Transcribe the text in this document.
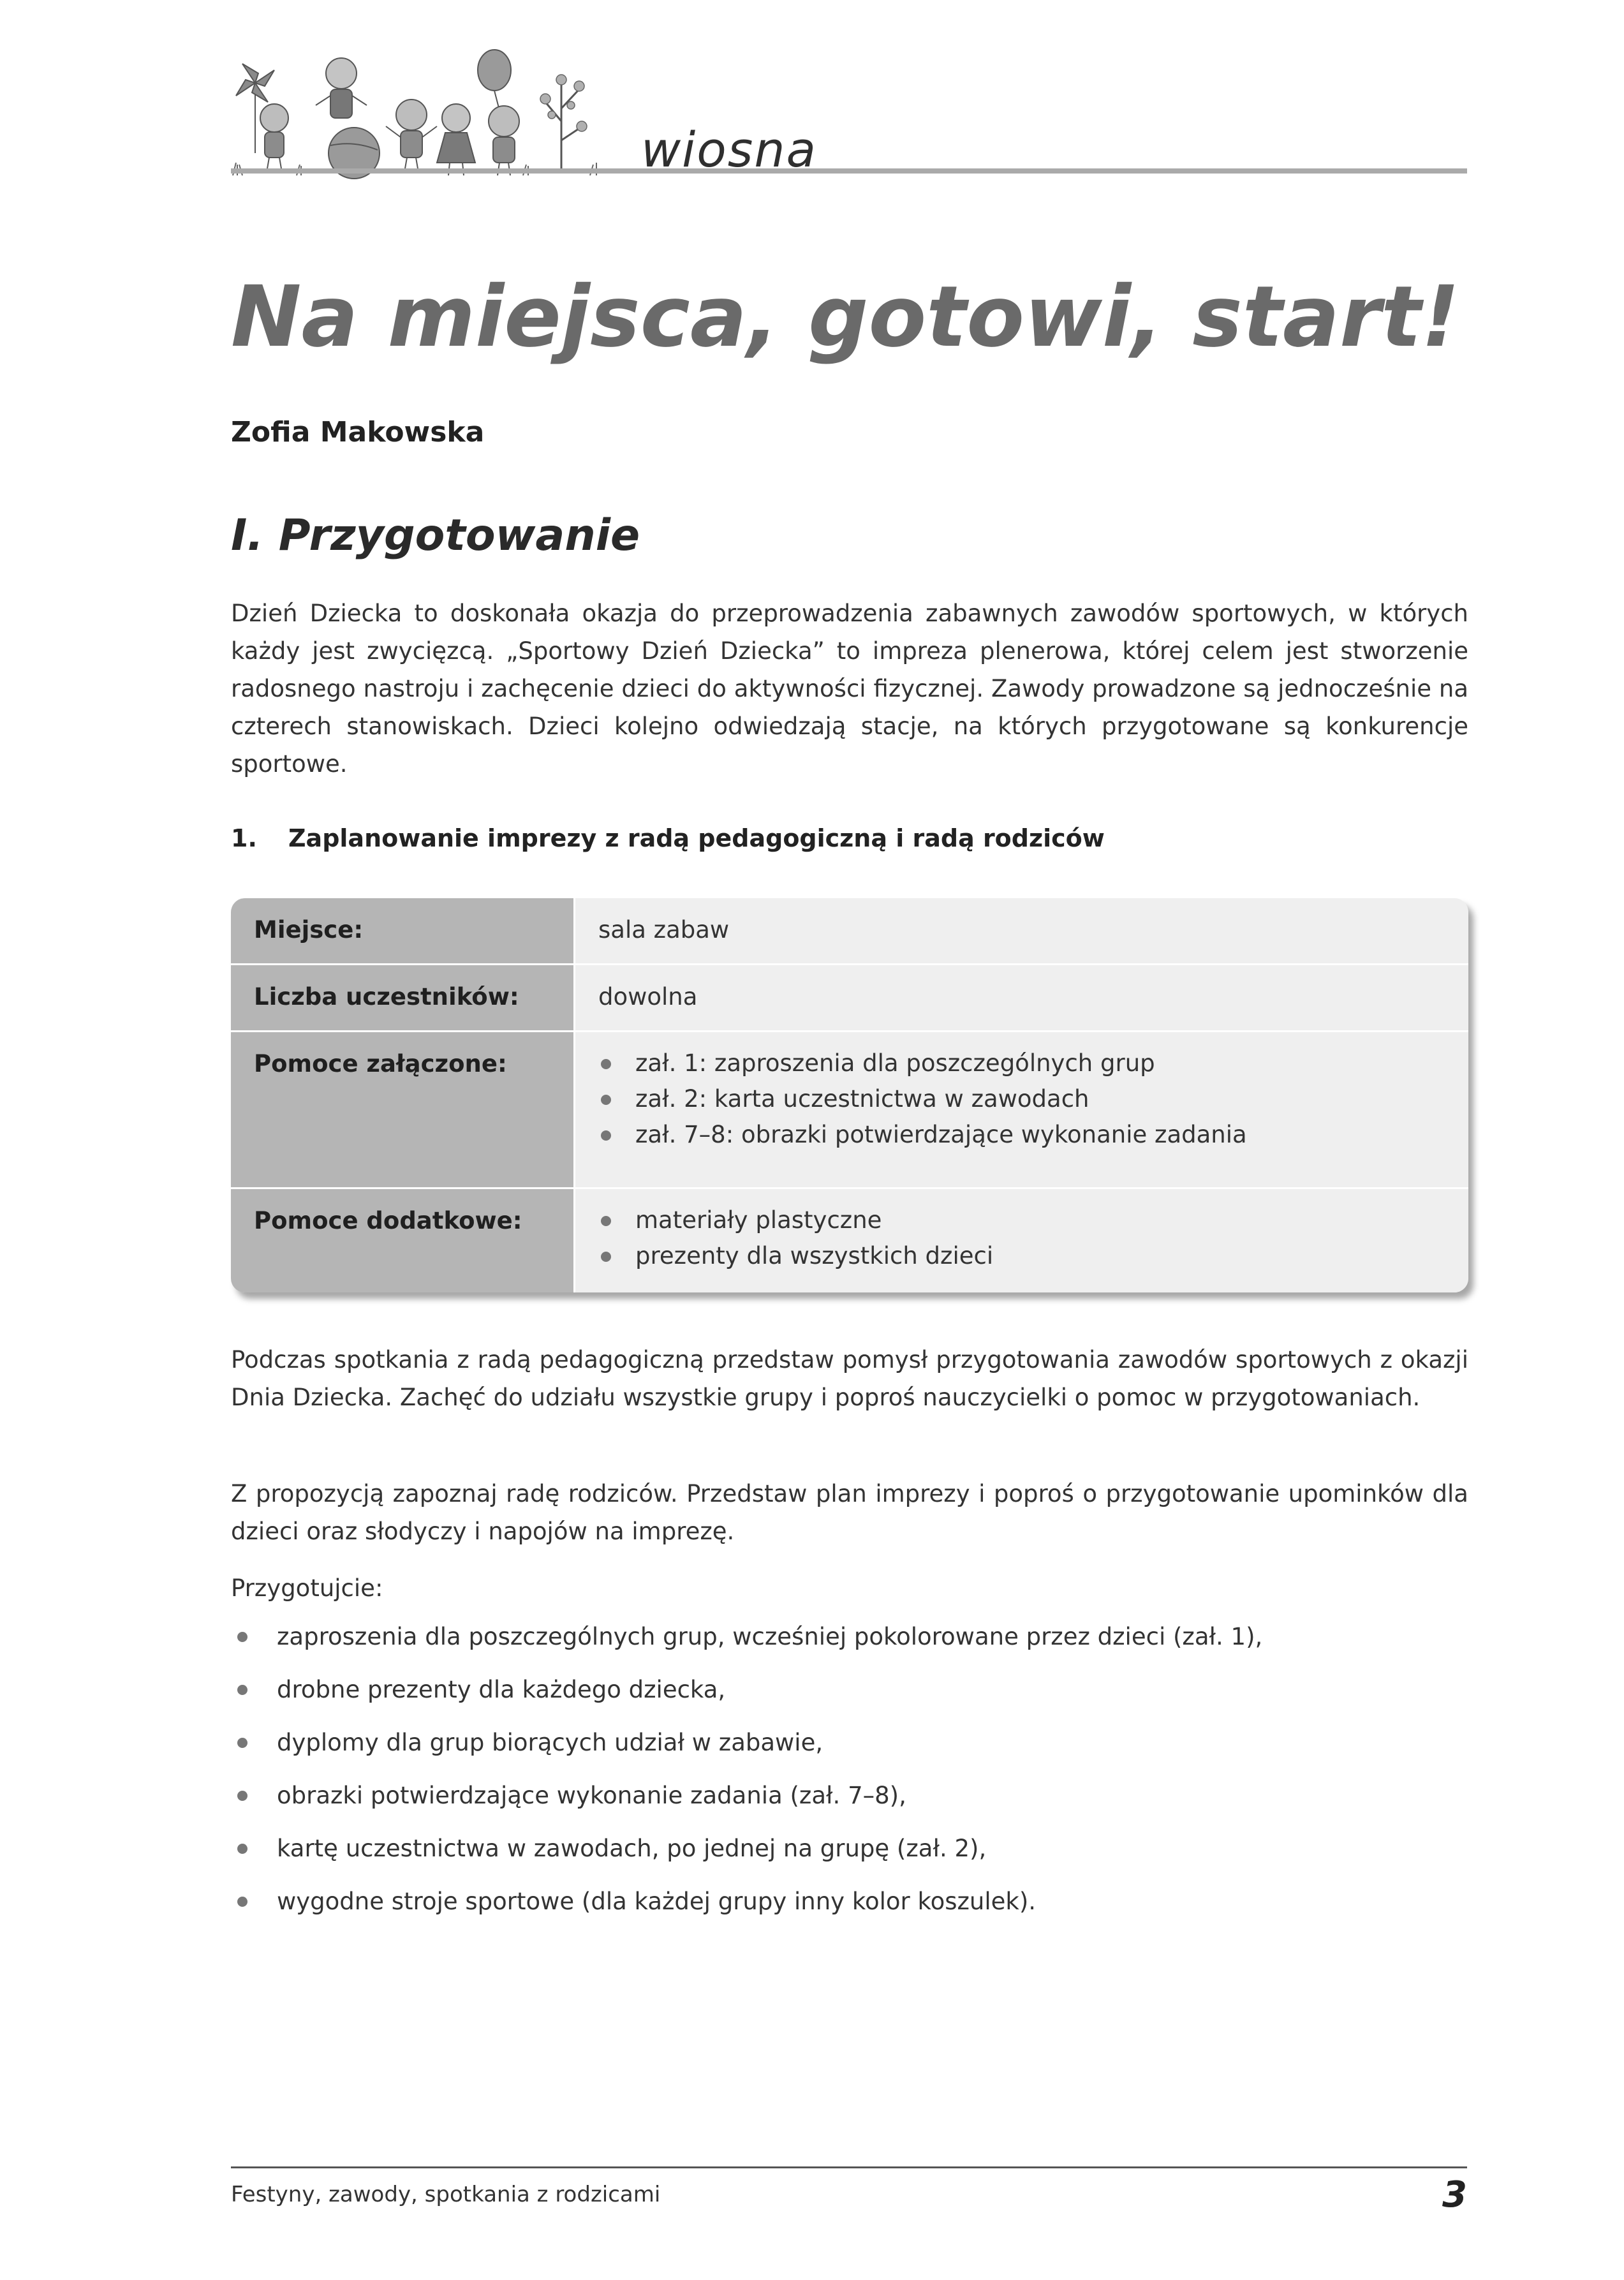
wiosna
Na miejsca, gotowi, start!
Zofia Makowska
I. Przygotowanie

Dzień Dziecka to doskonała okazja do przeprowadzenia zabawnych zawodów sportowych, w których każdy jest zwycięzcą. „Sportowy Dzień Dziecka” to impreza plenerowa, której celem jest stworzenie radosnego nastroju i zachęcenie dzieci do aktywności fizycznej. Zawody prowadzone są jednocześnie na czterech stanowiskach. Dzieci kolejno odwiedzają stacje, na których przygotowane są konkurencje sportowe.

1. Zaplanowanie imprezy z radą pedagogiczną i radą rodziców
Miejsce:	sala zabaw
Liczba uczestników:	dowolna
Pomoce załączone:	zał. 1: zaproszenia dla poszczególnych grup
zał. 2: karta uczestnictwa w zawodach
zał. 7–8: obrazki potwierdzające wykonanie zadania
Pomoce dodatkowe:	materiały plastyczne
prezenty dla wszystkich dzieci

Podczas spotkania z radą pedagogiczną przedstaw pomysł przygotowania zawodów sportowych z okazji Dnia Dziecka. Zachęć do udziału wszystkie grupy i poproś nauczycielki o pomoc w przygotowaniach.

Z propozycją zapoznaj radę rodziców. Przedstaw plan imprezy i poproś o przygotowanie upominków dla dzieci oraz słodyczy i napojów na imprezę.

Przygotujcie:

zaproszenia dla poszczególnych grup, wcześniej pokolorowane przez dzieci (zał. 1),
drobne prezenty dla każdego dziecka,
dyplomy dla grup biorących udział w zabawie,
obrazki potwierdzające wykonanie zadania (zał. 7–8),
kartę uczestnictwa w zawodach, po jednej na grupę (zał. 2),
wygodne stroje sportowe (dla każdej grupy inny kolor koszulek).
Festyny, zawody, spotkania z rodzicami	3
